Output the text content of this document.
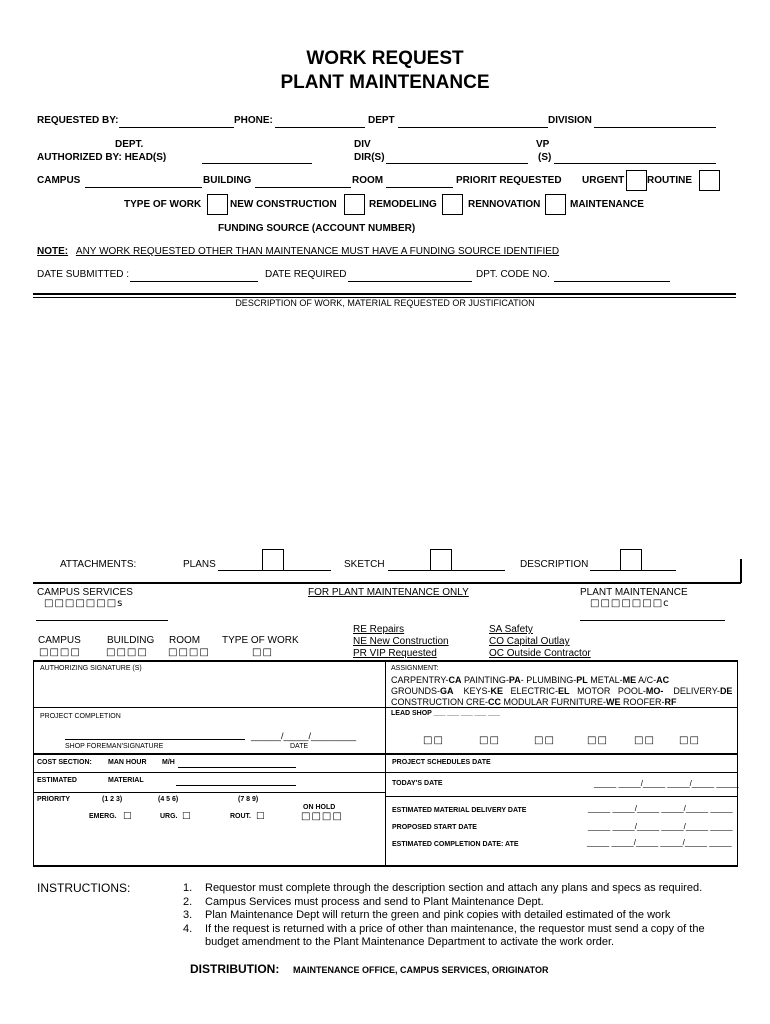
WORK REQUEST
PLANT MAINTENANCE
REQUESTED BY:	PHONE:	DEPT	DIVISION
DEPT.
AUTHORIZED BY: HEAD(S)
DIV
DIR(S)
VP
(S)
CAMPUS	BUILDING	ROOM	PRIORIT REQUESTED URGENT ROUTINE
TYPE OF WORK	NEW CONSTRUCTION	REMODELING	RENNOVATION	MAINTENANCE
FUNDING SOURCE (ACCOUNT NUMBER)
NOTE: ANY WORK REQUESTED OTHER THAN MAINTENANCE MUST HAVE A FUNDING SOURCE IDENTIFIED
DATE SUBMITTED :	DATE REQUIRED	DPT. CODE NO.
DESCRIPTION OF WORK, MATERIAL REQUESTED OR JUSTIFICATION
ATTACHMENTS:	PLANS	SKETCH	DESCRIPTION
CAMPUS SERVICES
□□□□□□□s
FOR PLANT MAINTENANCE ONLY	PLANT MAINTENANCE
□□□□□□□c
CAMPUS	BUILDING ROOM TYPE OF WORK
□□□□	□□□□ □□□□	□□
RE Repairs
NE New Construction
PR VIP Requested
SA Safety
CO Capital Outlay
OC Outside Contractor
AUTHORIZING SIGNATURE (S)	ASSIGNMENT:
CARPENTRY-CA PAINTING-PA- PLUMBING-PL METAL-ME A/C-AC
GROUNDS-GA    KEYS-KE   ELECTRIC-EL   MOTOR   POOL-MO-    DELIVERY-DE
CONSTRUCTION CRE-CC MODULAR FURNITURE-WE ROOFER-RF
LEAD SHOP ___ ___ ___ ___ ___
PROJECT COMPLETION
______/_____/_________
SHOP FOREMAN'SIGNATURE	DATE
□□	□□	□□	□□	□□ □□
COST SECTION: MAN HOUR M/H	PROJECT SCHEDULES DATE
ESTIMATED	MATERIAL	TODAY'S DATE	_____ _____/_____ _____/_____ _____
PRIORITY	(1 2 3)	(4 5 6)	(7 8 9)
ON HOLD
□□□□
EMERG. □	URG. □	ROUT. □
ESTIMATED MATERIAL DELIVERY DATE	_____ _____/_____ _____/_____ _____
PROPOSED START DATE	_____ _____/_____ _____/_____ _____
ESTIMATED COMPLETION DATE: ATE	_____ _____/_____ _____/_____ _____
INSTRUCTIONS:	1. Requestor must complete through the description section and attach any plans and specs as required.
2. Campus Services must process and send to Plant Maintenance Dept.
3. Plan Maintenance Dept will return the green and pink copies with detailed estimated of the work
4. If the request is returned with a price of other than maintenance, the requestor must send a copy of the
budget amendment to the Plant Maintenance Department to activate the work order.
DISTRIBUTION: MAINTENANCE OFFICE, CAMPUS SERVICES, ORIGINATOR
